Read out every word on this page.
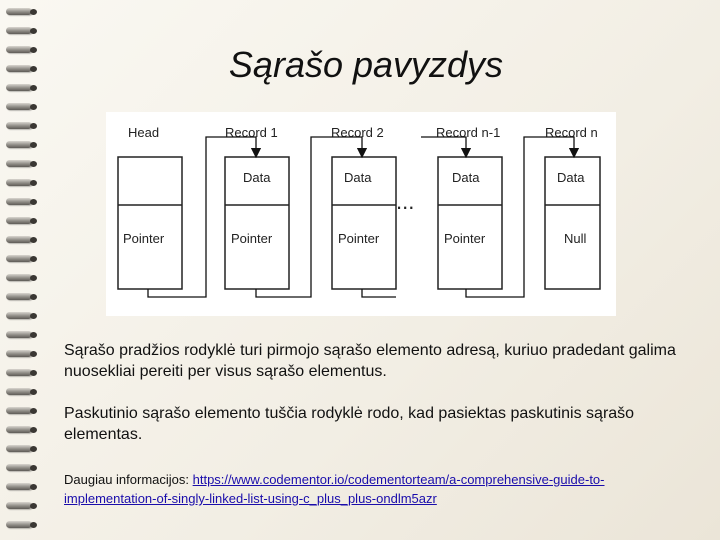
Sąrašo pavyzdys
Head	Record 1	Record 2	Record n-1	Record n
Pointer
Data
Pointer
Data
Pointer
Data
Pointer
Data
Null
...
Sąrašo pradžios rodyklė turi pirmojo sąrašo elemento adresą, kuriuo pradedant galima nuosekliai pereiti per visus sąrašo elementus.
Paskutinio sąrašo elemento tuščia rodyklė rodo, kad pasiektas paskutinis sąrašo elementas.
Daugiau informacijos: https://www.codementor.io/codementorteam/a-comprehensive-guide-to-implementation-of-singly-linked-list-using-c_plus_plus-ondlm5azr
